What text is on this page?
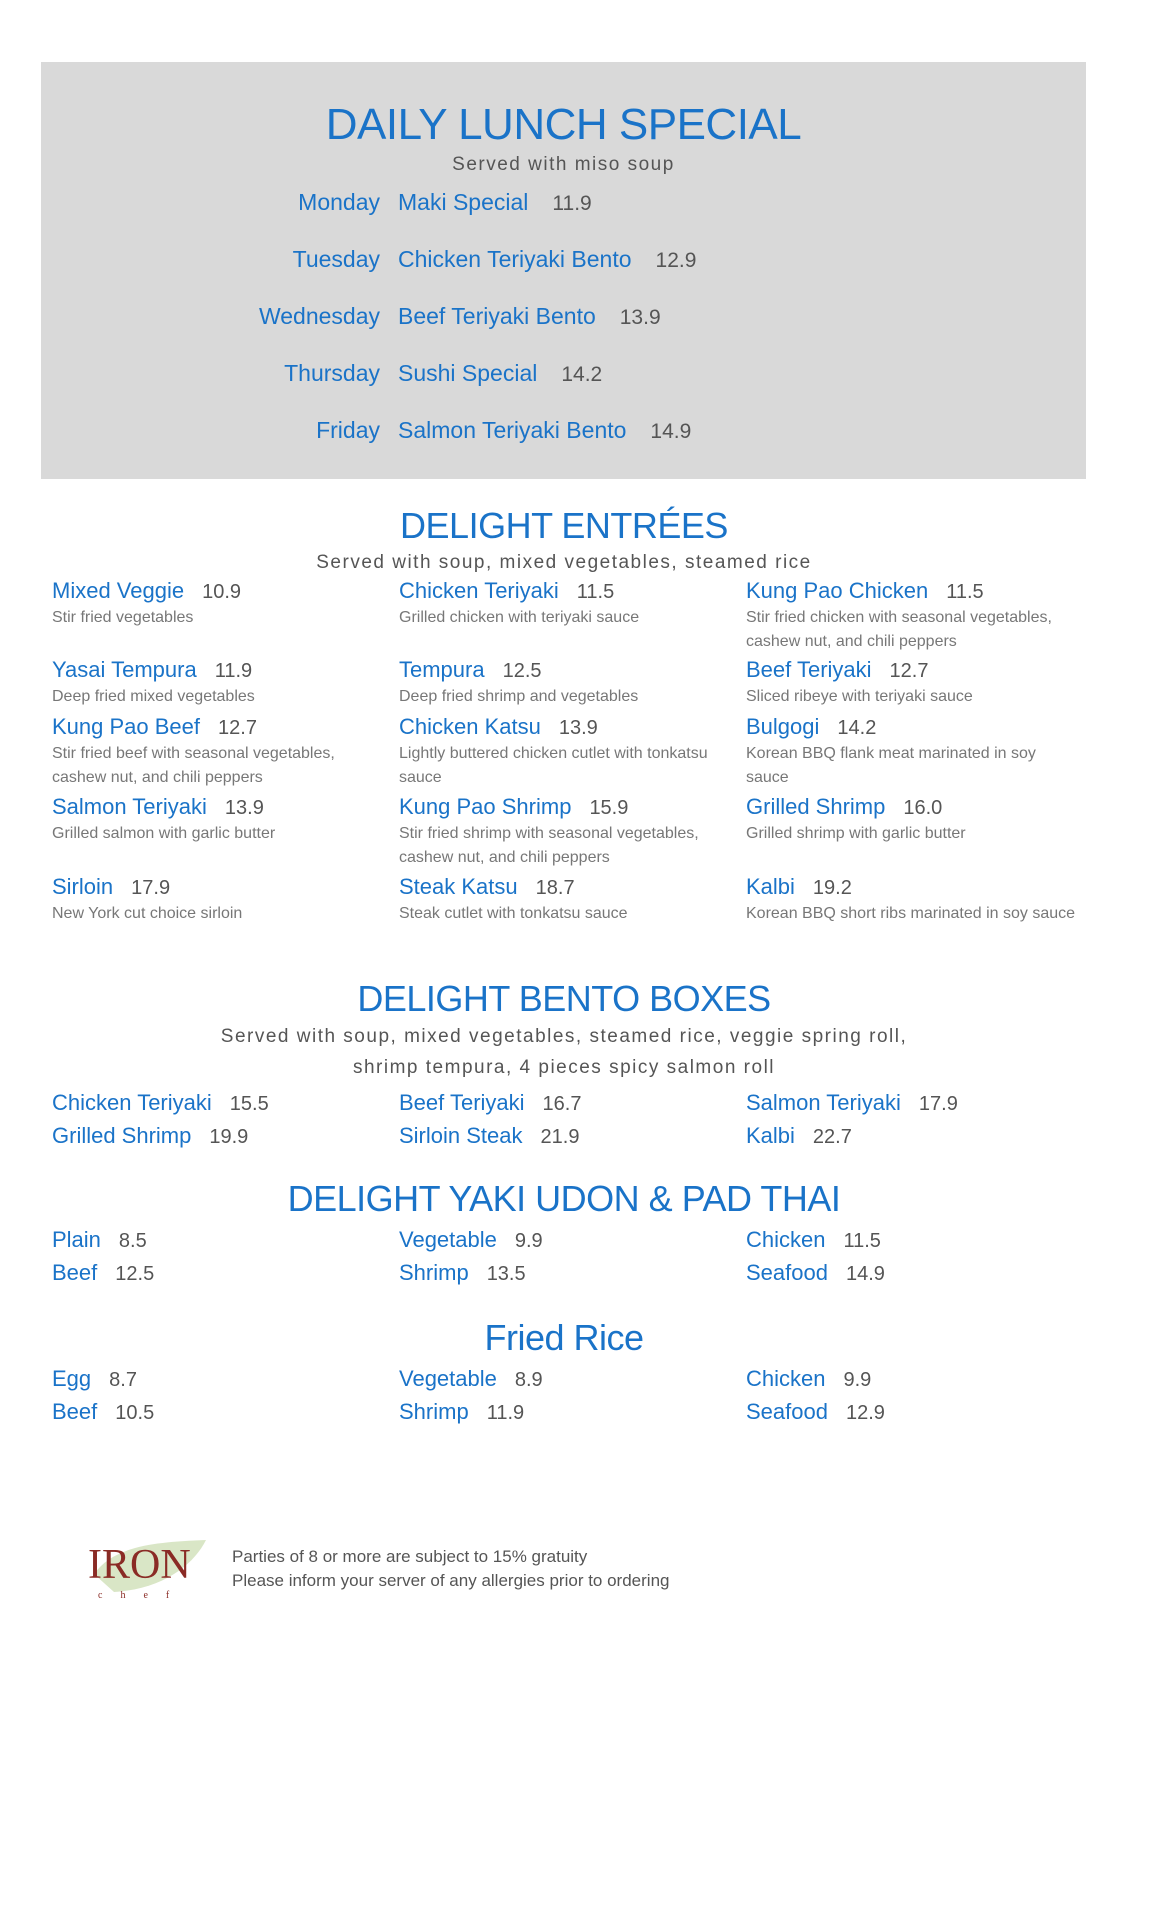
DAILY LUNCH SPECIAL
Served with miso soup
Monday Maki Special 11.9
Tuesday Chicken Teriyaki Bento 12.9
Wednesday Beef Teriyaki Bento 13.9
Thursday Sushi Special 14.2
Friday Salmon Teriyaki Bento 14.9
DELIGHT ENTRÉES
Served with soup, mixed vegetables, steamed rice
Mixed Veggie 10.9
Stir fried vegetables
Chicken Teriyaki 11.5
Grilled chicken with teriyaki sauce
Kung Pao Chicken 11.5
Stir fried chicken with seasonal vegetables, cashew nut, and chili peppers
Yasai Tempura 11.9
Deep fried mixed vegetables
Tempura 12.5
Deep fried shrimp and vegetables
Beef Teriyaki 12.7
Sliced ribeye with teriyaki sauce
Kung Pao Beef 12.7
Stir fried beef with seasonal vegetables, cashew nut, and chili peppers
Chicken Katsu 13.9
Lightly buttered chicken cutlet with tonkatsu sauce
Bulgogi 14.2
Korean BBQ flank meat marinated in soy sauce
Salmon Teriyaki 13.9
Grilled salmon with garlic butter
Kung Pao Shrimp 15.9
Stir fried shrimp with seasonal vegetables, cashew nut, and chili peppers
Grilled Shrimp 16.0
Grilled shrimp with garlic butter
Sirloin 17.9
New York cut choice sirloin
Steak Katsu 18.7
Steak cutlet with tonkatsu sauce
Kalbi 19.2
Korean BBQ short ribs marinated in soy sauce
DELIGHT BENTO BOXES
Served with soup, mixed vegetables, steamed rice, veggie spring roll,
shrimp tempura, 4 pieces spicy salmon roll
Chicken Teriyaki 15.5	Beef Teriyaki 16.7	Salmon Teriyaki 17.9
Grilled Shrimp 19.9	Sirloin Steak 21.9	Kalbi 22.7
DELIGHT YAKI UDON & PAD THAI
Plain 8.5	Vegetable 9.9	Chicken 11.5
Beef 12.5	Shrimp 13.5	Seafood 14.9
Fried Rice
Egg 8.7	Vegetable 8.9	Chicken 9.9
Beef 10.5	Shrimp 11.9	Seafood 12.9
IRON
chef
Parties of 8 or more are subject to 15% gratuity
Please inform your server of any allergies prior to ordering
